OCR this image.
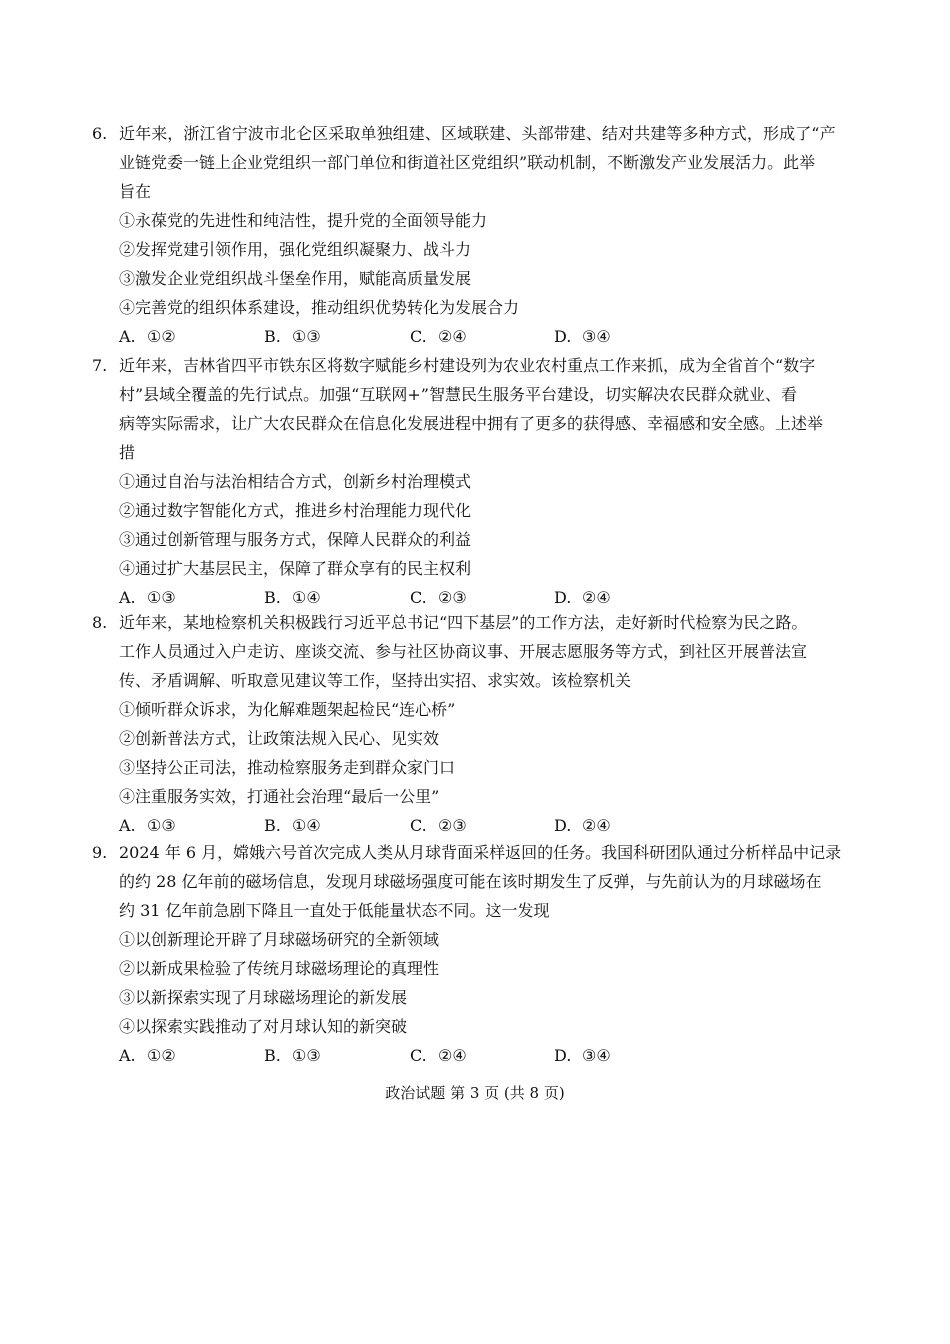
6. 近年来，浙江省宁波市北仑区采取单独组建、区域联建、头部带建、结对共建等多种方式，形成了“产
业链党委一链上企业党组织一部门单位和街道社区党组织”联动机制，不断激发产业发展活力。此举
旨在
①永葆党的先进性和纯洁性，提升党的全面领导能力
②发挥党建引领作用，强化党组织凝聚力、战斗力
③激发企业党组织战斗堡垒作用，赋能高质量发展
④完善党的组织体系建设，推动组织优势转化为发展合力
A. ①②	B. ①③	C. ②④	D. ③④
7. 近年来，吉林省四平市铁东区将数字赋能乡村建设列为农业农村重点工作来抓，成为全省首个“数字
村”县域全覆盖的先行试点。加强“互联网+”智慧民生服务平台建设，切实解决农民群众就业、看
病等实际需求，让广大农民群众在信息化发展进程中拥有了更多的获得感、幸福感和安全感。上述举
措
①通过自治与法治相结合方式，创新乡村治理模式
②通过数字智能化方式，推进乡村治理能力现代化
③通过创新管理与服务方式，保障人民群众的利益
④通过扩大基层民主，保障了群众享有的民主权利
A. ①③	B. ①④	C. ②③	D. ②④
8. 近年来，某地检察机关积极践行习近平总书记“四下基层”的工作方法，走好新时代检察为民之路。
工作人员通过入户走访、座谈交流、参与社区协商议事、开展志愿服务等方式，到社区开展普法宣
传、矛盾调解、听取意见建议等工作，坚持出实招、求实效。该检察机关
①倾听群众诉求，为化解难题架起检民“连心桥”
②创新普法方式，让政策法规入民心、见实效
③坚持公正司法，推动检察服务走到群众家门口
④注重服务实效，打通社会治理“最后一公里”
A. ①③	B. ①④	C. ②③	D. ②④
9. 2024 年 6 月，嫦娥六号首次完成人类从月球背面采样返回的任务。我国科研团队通过分析样品中记录
的约 28 亿年前的磁场信息，发现月球磁场强度可能在该时期发生了反弹，与先前认为的月球磁场在
约 31 亿年前急剧下降且一直处于低能量状态不同。这一发现
①以创新理论开辟了月球磁场研究的全新领域
②以新成果检验了传统月球磁场理论的真理性
③以新探索实现了月球磁场理论的新发展
④以探索实践推动了对月球认知的新突破
A. ①②	B. ①③	C. ②④	D. ③④
政治试题 第 3 页 (共 8 页)
